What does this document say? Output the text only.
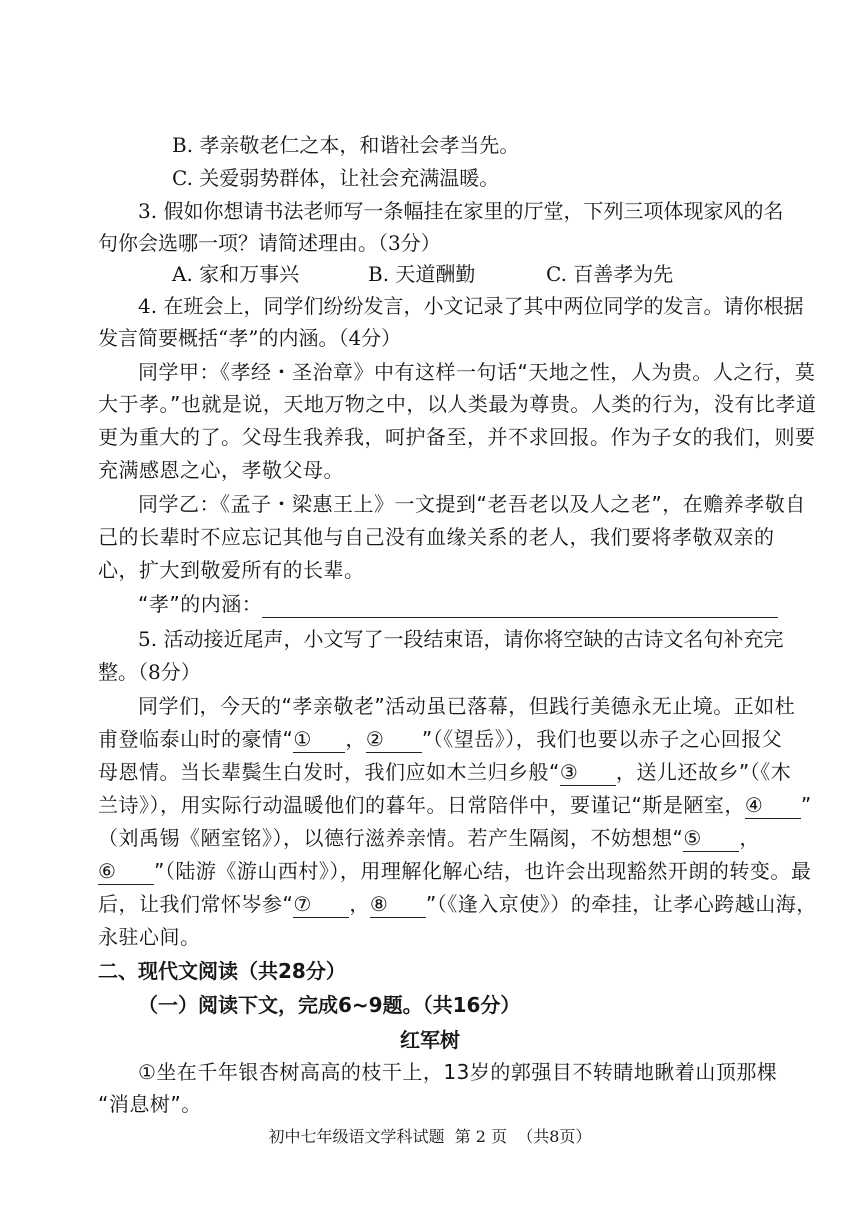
B. 孝亲敬老仁之本，和谐社会孝当先。
C. 关爱弱势群体，让社会充满温暖。
3. 假如你想请书法老师写一条幅挂在家里的厅堂，下列三项体现家风的名
句你会选哪一项？请简述理由。（3分）
A. 家和万事兴	B. 天道酬勤	C. 百善孝为先
4. 在班会上，同学们纷纷发言，小文记录了其中两位同学的发言。请你根据
发言简要概括“孝”的内涵。（4分）
同学甲：《孝经・圣治章》中有这样一句话“天地之性，人为贵。人之行，莫
大于孝。”也就是说，天地万物之中，以人类最为尊贵。人类的行为，没有比孝道
更为重大的了。父母生我养我，呵护备至，并不求回报。作为子女的我们，则要
充满感恩之心，孝敬父母。
同学乙：《孟子・梁惠王上》一文提到“老吾老以及人之老”，在赡养孝敬自
己的长辈时不应忘记其他与自己没有血缘关系的老人，我们要将孝敬双亲的
心，扩大到敬爱所有的长辈。
“孝”的内涵：
5. 活动接近尾声，小文写了一段结束语，请你将空缺的古诗文名句补充完
整。（8分）
同学们，今天的“孝亲敬老”活动虽已落幕，但践行美德永无止境。正如杜
甫登临泰山时的豪情“① ，② ”（《望岳》），我们也要以赤子之心回报父
母恩情。当长辈鬓生白发时，我们应如木兰归乡般“③ ，送儿还故乡”（《木
兰诗》），用实际行动温暖他们的暮年。日常陪伴中，要谨记“斯是陋室，④ ”
（刘禹锡《陋室铭》），以德行滋养亲情。若产生隔阂，不妨想想“⑤ ，
⑥ ”（陆游《游山西村》），用理解化解心结，也许会出现豁然开朗的转变。最
后，让我们常怀岑参“⑦ ，⑧ ”（《逢入京使》）的牵挂，让孝心跨越山海，
永驻心间。
二、现代文阅读（共28分）
（一）阅读下文，完成6~9题。（共16分）
红军树
①坐在千年银杏树高高的枝干上，13岁的郭强目不转睛地瞅着山顶那棵
“消息树”。
初中七年级语文学科试题  第 2 页  （共8页）
